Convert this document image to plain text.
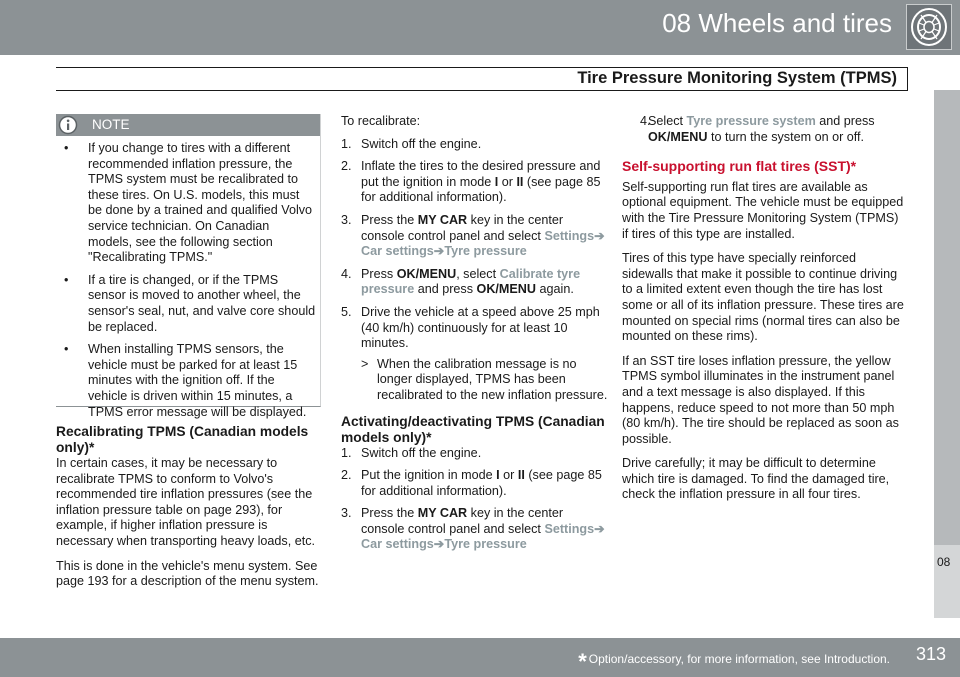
08 Wheels and tires
Tire Pressure Monitoring System (TPMS)
08
NOTE
• If you change to tires with a different recommended inflation pressure, the TPMS system must be recalibrated to these tires. On U.S. models, this must be done by a trained and qualified Volvo service technician. On Canadian models, see the following section "Recalibrating TPMS."
• If a tire is changed, or if the TPMS sensor is moved to another wheel, the sensor's seal, nut, and valve core should be replaced.
• When installing TPMS sensors, the vehicle must be parked for at least 15 minutes with the ignition off. If the vehicle is driven within 15 minutes, a TPMS error message will be displayed.
Recalibrating TPMS (Canadian models only)*

In certain cases, it may be necessary to recalibrate TPMS to conform to Volvo's recommended tire inflation pressures (see the inflation pressure table on page 293), for example, if higher inflation pressure is necessary when transporting heavy loads, etc.

This is done in the vehicle's menu system. See page 193 for a description of the menu system.

To recalibrate:

1. Switch off the engine.
2. Inflate the tires to the desired pressure and put the ignition in mode I or II (see page 85 for additional information).
3. Press the MY CAR key in the center console control panel and select Settings➔
Car settings➔Tyre pressure
4. Press OK/MENU, select Calibrate tyre pressure and press OK/MENU again.
5. Drive the vehicle at a speed above 25 mph (40 km/h) continuously for at least 10 minutes.
> When the calibration message is no longer displayed, TPMS has been recalibrated to the new inflation pressure.
Activating/deactivating TPMS (Canadian models only)*
1. Switch off the engine.
2. Put the ignition in mode I or II (see page 85 for additional information).
3. Press the MY CAR key in the center console control panel and select Settings➔
Car settings➔Tyre pressure
4.
Select Tyre pressure system and press OK/MENU to turn the system on or off.
Self-supporting run flat tires (SST)*

Self-supporting run flat tires are available as optional equipment. The vehicle must be equipped with the Tire Pressure Monitoring System (TPMS) if tires of this type are installed.

Tires of this type have specially reinforced sidewalls that make it possible to continue driving to a limited extent even though the tire has lost some or all of its inflation pressure. These tires are mounted on special rims (normal tires can also be mounted on these rims).

If an SST tire loses inflation pressure, the yellow TPMS symbol illuminates in the instrument panel and a text message is also displayed. If this happens, reduce speed to not more than 50 mph (80 km/h). The tire should be replaced as soon as possible.

Drive carefully; it may be difficult to determine which tire is damaged. To find the damaged tire, check the inflation pressure in all four tires.

* Option/accessory, for more information, see Introduction. 313
